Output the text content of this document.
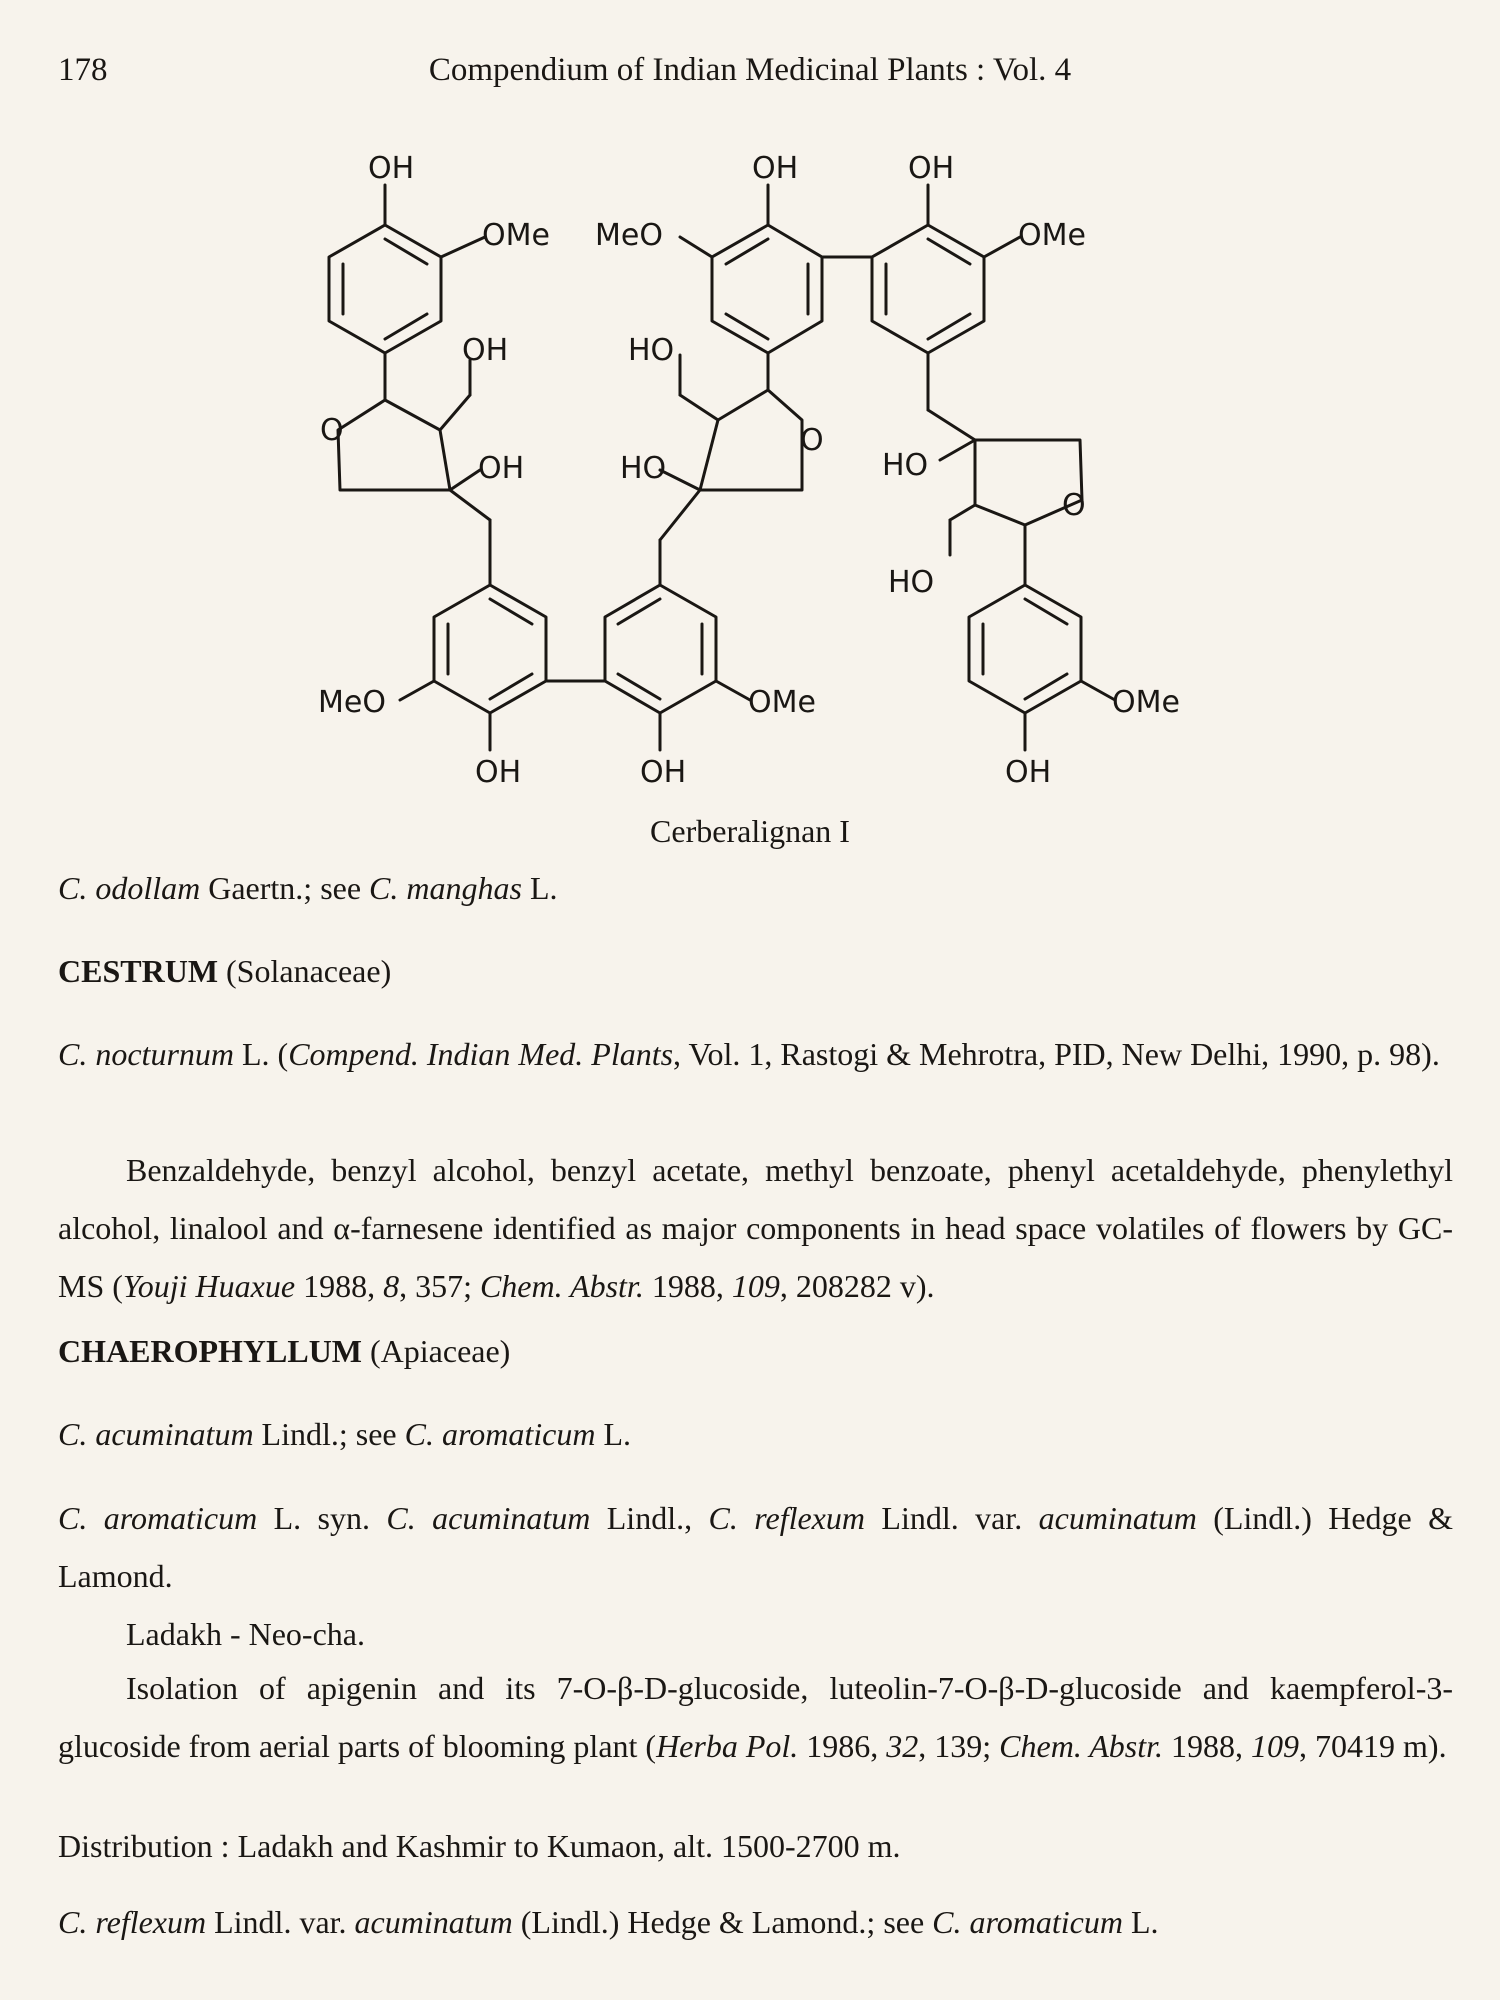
178	Compendium of Indian Medicinal Plants : Vol. 4
OH
OMe MeO
OH	OH
OMe
OH	HO
O
OH	HO
O
HO
O
HO
MeO	OMe	OMe
OH	OH	OH
Cerberalignan I
C. odollam Gaertn.; see C. manghas L.
CESTRUM (Solanaceae)
C. nocturnum L. (Compend. Indian Med. Plants, Vol. 1, Rastogi & Mehrotra, PID, New Delhi, 1990, p. 98).
Benzaldehyde, benzyl alcohol, benzyl acetate, methyl benzoate, phenyl acetaldehyde, phenylethyl alcohol, linalool and α-farnesene identified as major components in head space volatiles of flowers by GC-MS (Youji Huaxue 1988, 8, 357; Chem. Abstr. 1988, 109, 208282 v).
CHAEROPHYLLUM (Apiaceae)
C. acuminatum Lindl.; see C. aromaticum L.
C. aromaticum L. syn. C. acuminatum Lindl., C. reflexum Lindl. var. acuminatum (Lindl.) Hedge & Lamond.
Ladakh - Neo-cha.
Isolation of apigenin and its 7-O-β-D-glucoside, luteolin-7-O-β-D-glucoside and kaempferol-3-glucoside from aerial parts of blooming plant (Herba Pol. 1986, 32, 139; Chem. Abstr. 1988, 109, 70419 m).
Distribution : Ladakh and Kashmir to Kumaon, alt. 1500-2700 m.
C. reflexum Lindl. var. acuminatum (Lindl.) Hedge & Lamond.; see C. aromaticum L.
